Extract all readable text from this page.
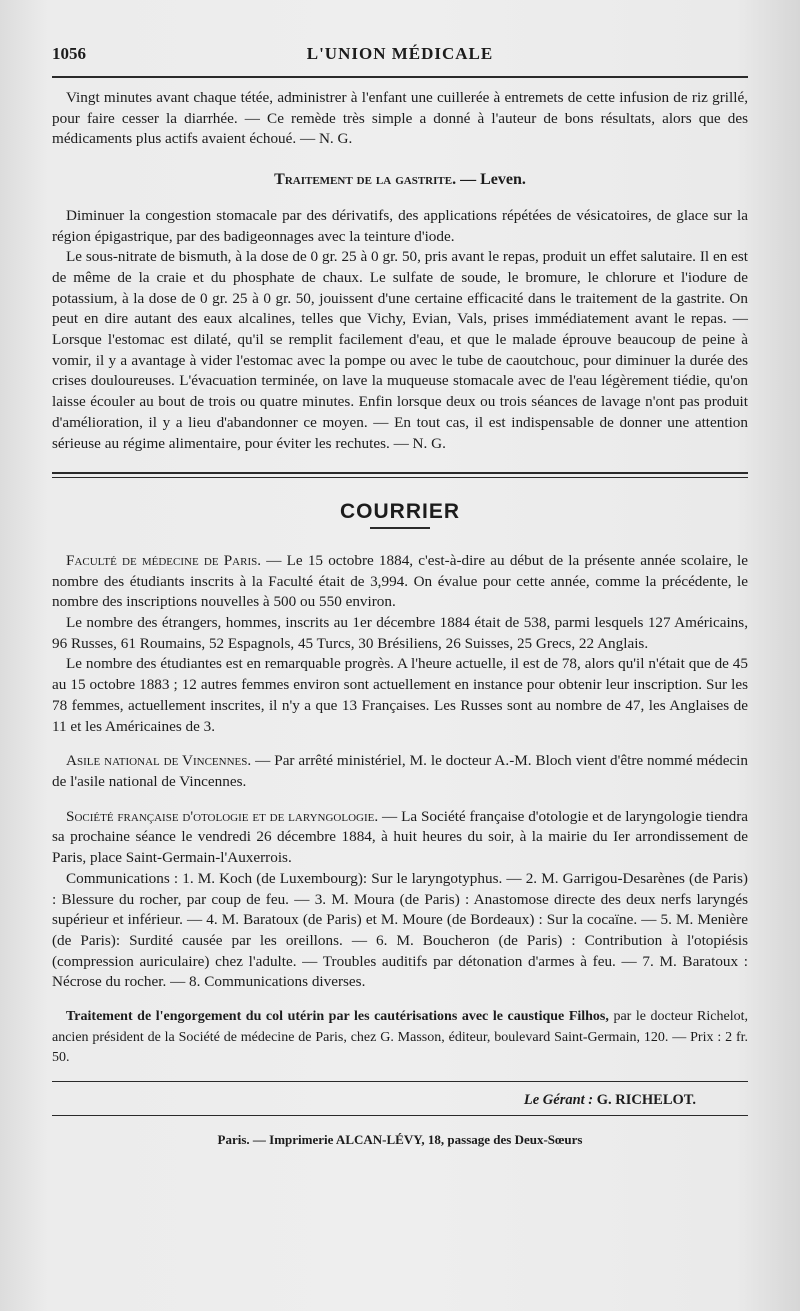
1056	L'UNION MÉDICALE

Vingt minutes avant chaque tétée, administrer à l'enfant une cuillerée à entremets de cette infusion de riz grillé, pour faire cesser la diarrhée. — Ce remède très simple a donné à l'auteur de bons résultats, alors que des médicaments plus actifs avaient échoué. — N. G.

Traitement de la gastrite. — Leven.

Diminuer la congestion stomacale par des dérivatifs, des applications répétées de vésicatoires, de glace sur la région épigastrique, par des badigeonnages avec la teinture d'iode.

Le sous-nitrate de bismuth, à la dose de 0 gr. 25 à 0 gr. 50, pris avant le repas, produit un effet salutaire. Il en est de même de la craie et du phosphate de chaux. Le sulfate de soude, le bromure, le chlorure et l'iodure de potassium, à la dose de 0 gr. 25 à 0 gr. 50, jouissent d'une certaine efficacité dans le traitement de la gastrite. On peut en dire autant des eaux alcalines, telles que Vichy, Evian, Vals, prises immédiatement avant le repas. — Lorsque l'estomac est dilaté, qu'il se remplit facilement d'eau, et que le malade éprouve beaucoup de peine à vomir, il y a avantage à vider l'estomac avec la pompe ou avec le tube de caoutchouc, pour diminuer la durée des crises douloureuses. L'évacuation terminée, on lave la muqueuse stomacale avec de l'eau légèrement tiédie, qu'on laisse écouler au bout de trois ou quatre minutes. Enfin lorsque deux ou trois séances de lavage n'ont pas produit d'amélioration, il y a lieu d'abandonner ce moyen. — En tout cas, il est indispensable de donner une attention sérieuse au régime alimentaire, pour éviter les rechutes. — N. G.

COURRIER

Faculté de médecine de Paris. — Le 15 octobre 1884, c'est-à-dire au début de la présente année scolaire, le nombre des étudiants inscrits à la Faculté était de 3,994. On évalue pour cette année, comme la précédente, le nombre des inscriptions nouvelles à 500 ou 550 environ.

Le nombre des étrangers, hommes, inscrits au 1er décembre 1884 était de 538, parmi lesquels 127 Américains, 96 Russes, 61 Roumains, 52 Espagnols, 45 Turcs, 30 Brésiliens, 26 Suisses, 25 Grecs, 22 Anglais.

Le nombre des étudiantes est en remarquable progrès. A l'heure actuelle, il est de 78, alors qu'il n'était que de 45 au 15 octobre 1883 ; 12 autres femmes environ sont actuellement en instance pour obtenir leur inscription. Sur les 78 femmes, actuellement inscrites, il n'y a que 13 Françaises. Les Russes sont au nombre de 47, les Anglaises de 11 et les Américaines de 3.

Asile national de Vincennes. — Par arrêté ministériel, M. le docteur A.-M. Bloch vient d'être nommé médecin de l'asile national de Vincennes.

Société française d'otologie et de laryngologie. — La Société française d'otologie et de laryngologie tiendra sa prochaine séance le vendredi 26 décembre 1884, à huit heures du soir, à la mairie du Ier arrondissement de Paris, place Saint-Germain-l'Auxerrois.

Communications : 1. M. Koch (de Luxembourg): Sur le laryngotyphus. — 2. M. Garrigou-Desarènes (de Paris) : Blessure du rocher, par coup de feu. — 3. M. Moura (de Paris) : Anastomose directe des deux nerfs laryngés supérieur et inférieur. — 4. M. Baratoux (de Paris) et M. Moure (de Bordeaux) : Sur la cocaïne. — 5. M. Menière (de Paris): Surdité causée par les oreillons. — 6. M. Boucheron (de Paris) : Contribution à l'otopiésis (compression auriculaire) chez l'adulte. — Troubles auditifs par détonation d'armes à feu. — 7. M. Baratoux : Nécrose du rocher. — 8. Communications diverses.

Traitement de l'engorgement du col utérin par les cautérisations avec le caustique Filhos, par le docteur Richelot, ancien président de la Société de médecine de Paris, chez G. Masson, éditeur, boulevard Saint-Germain, 120. — Prix : 2 fr. 50.

Le Gérant : G. RICHELOT.
Paris. — Imprimerie ALCAN-LÉVY, 18, passage des Deux-Sœurs
